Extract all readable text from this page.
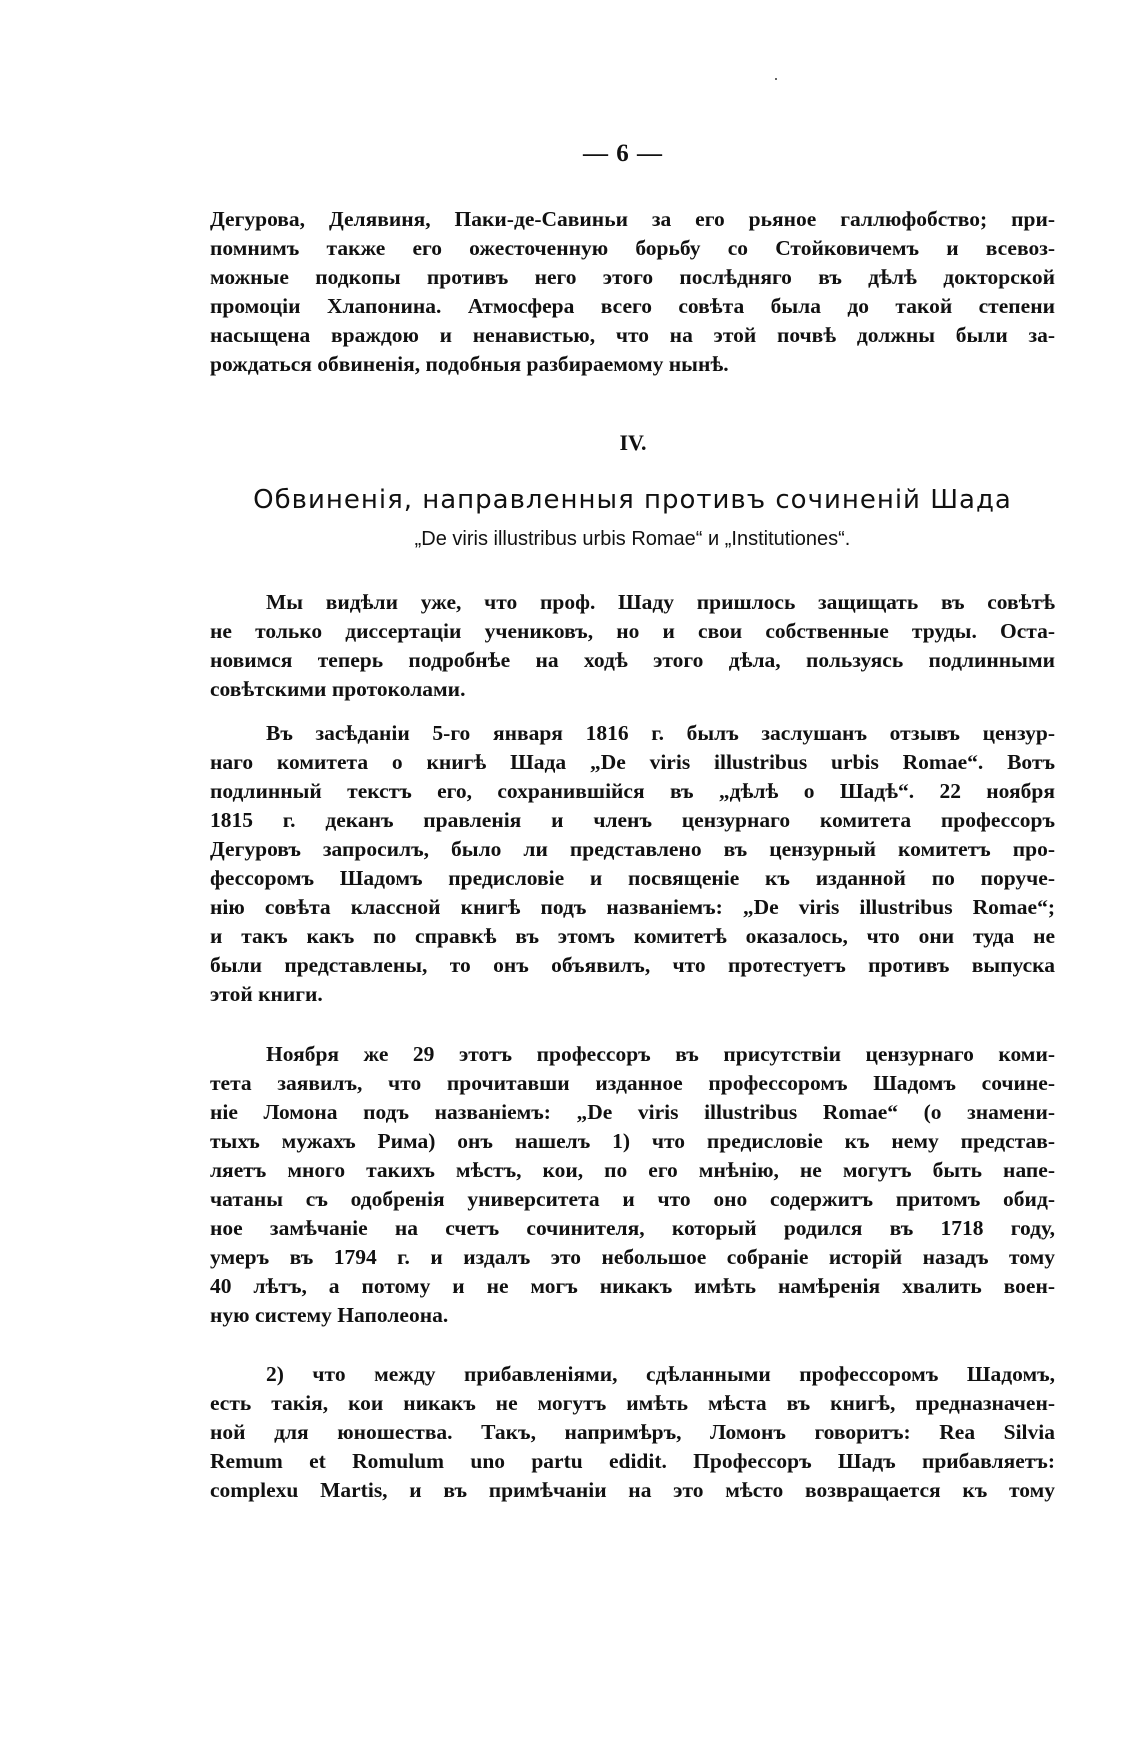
— 6 —
Дегурова, Делявиня, Паки-де-Савиньи за его рьяное галлюфобство; при-
помнимъ также его ожесточенную борьбу со Стойковичемъ и всевоз-
можные подкопы противъ него этого послѣдняго въ дѣлѣ докторской
промоціи Хлапонина. Атмосфера всего совѣта была до такой степени
насыщена враждою и ненавистью, что на этой почвѣ должны были за-
рождаться обвиненія, подобныя разбираемому нынѣ.
IV.
Обвиненія, направленныя противъ сочиненій Шада
„De viris illustribus urbis Romae“ и „Institutiones“.
Мы видѣли уже, что проф. Шаду пришлось защищать въ совѣтѣ
не только диссертаціи учениковъ, но и свои собственные труды. Оста-
новимся теперь подробнѣе на ходѣ этого дѣла, пользуясь подлинными
совѣтскими протоколами.
Въ засѣданіи 5-го января 1816 г. былъ заслушанъ отзывъ цензур-
наго комитета о книгѣ Шада „De viris illustribus urbis Romae“. Вотъ
подлинный текстъ его, сохранившійся въ „дѣлѣ о Шадѣ“. 22 ноября
1815 г. деканъ правленія и членъ цензурнаго комитета профессоръ
Дегуровъ запросилъ, было ли представлено въ цензурный комитетъ про-
фессоромъ Шадомъ предисловіе и посвященіе къ изданной по поруче-
нію совѣта классной книгѣ подъ названіемъ: „De viris illustribus Romae“;
и такъ какъ по справкѣ въ этомъ комитетѣ оказалось, что они туда не
были представлены, то онъ объявилъ, что протестуетъ противъ выпуска
этой книги.
Ноября же 29 этотъ профессоръ въ присутствіи цензурнаго коми-
тета заявилъ, что прочитавши изданное профессоромъ Шадомъ сочине-
ніе Ломона подъ названіемъ: „De viris illustribus Romae“ (о знамени-
тыхъ мужахъ Рима) онъ нашелъ 1) что предисловіе къ нему представ-
ляетъ много такихъ мѣстъ, кои, по его мнѣнію, не могутъ быть напе-
чатаны съ одобренія университета и что оно содержитъ притомъ обид-
ное замѣчаніе на счетъ сочинителя, который родился въ 1718 году,
умеръ въ 1794 г. и издалъ это небольшое собраніе исторій назадъ тому
40 лѣтъ, а потому и не могъ никакъ имѣть намѣренія хвалить воен-
ную систему Наполеона.
2) что между прибавленіями, сдѣланными профессоромъ Шадомъ,
есть такія, кои никакъ не могутъ имѣть мѣста въ книгѣ, предназначен-
ной для юношества. Такъ, напримѣръ, Ломонъ говоритъ: Rea Silvia
Remum et Romulum uno partu edidit. Профессоръ Шадъ прибавляетъ:
complexu Martis, и въ примѣчаніи на это мѣсто возвращается къ тому
